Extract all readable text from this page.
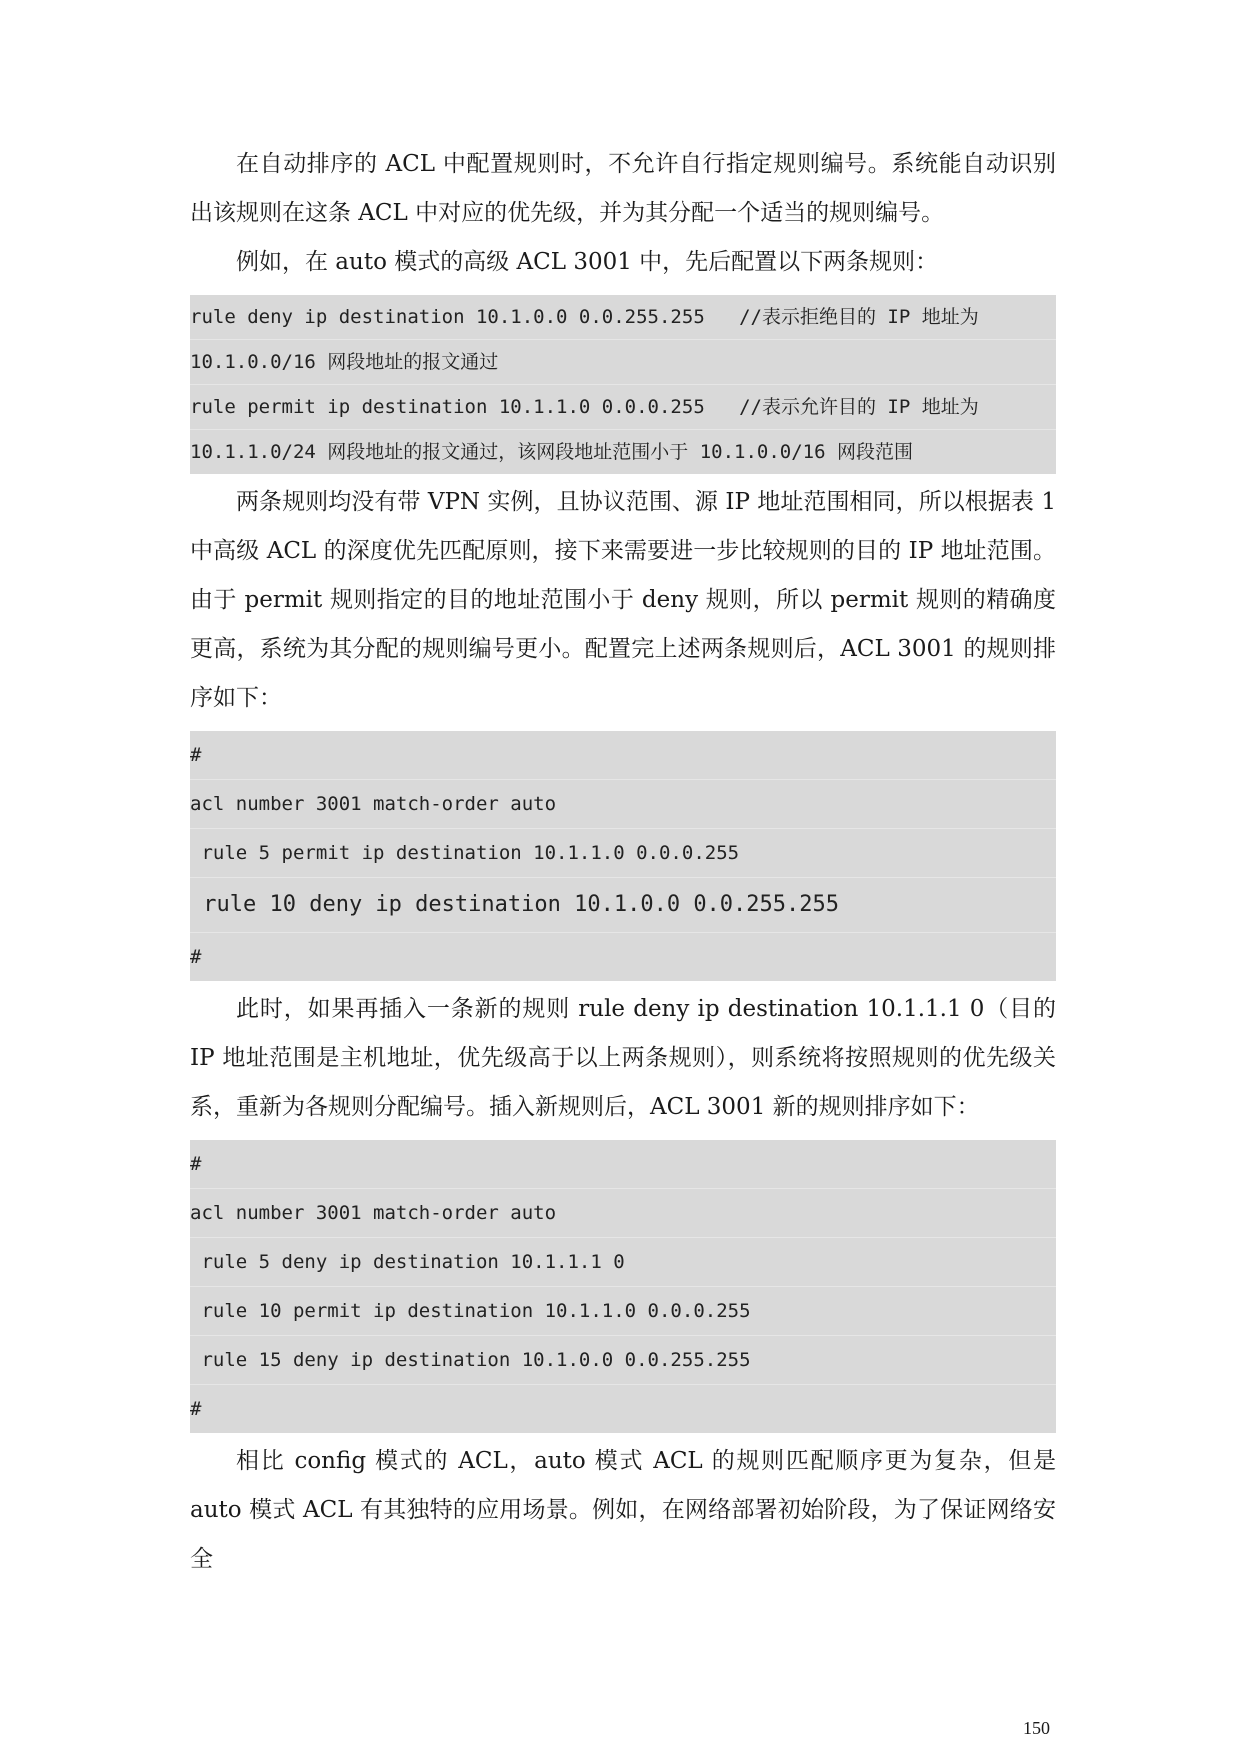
在自动排序的 ACL 中配置规则时，不允许自行指定规则编号。系统能自动识别出该规则在这条 ACL 中对应的优先级，并为其分配一个适当的规则编号。

例如，在 auto 模式的高级 ACL 3001 中，先后配置以下两条规则：

rule deny ip destination 10.1.0.0 0.0.255.255   //表示拒绝目的 IP 地址为
10.1.0.0/16 网段地址的报文通过
rule permit ip destination 10.1.1.0 0.0.0.255   //表示允许目的 IP 地址为
10.1.1.0/24 网段地址的报文通过，该网段地址范围小于 10.1.0.0/16 网段范围

两条规则均没有带 VPN 实例，且协议范围、源 IP 地址范围相同，所以根据表 1 中高级 ACL 的深度优先匹配原则，接下来需要进一步比较规则的目的 IP 地址范围。由于 permit 规则指定的目的地址范围小于 deny 规则，所以 permit 规则的精确度更高，系统为其分配的规则编号更小。配置完上述两条规则后，ACL 3001 的规则排序如下：

#
acl number 3001 match-order auto
rule 5 permit ip destination 10.1.1.0 0.0.0.255
rule 10 deny ip destination 10.1.0.0 0.0.255.255
#

此时，如果再插入一条新的规则 rule deny ip destination 10.1.1.1 0（目的 IP 地址范围是主机地址，优先级高于以上两条规则），则系统将按照规则的优先级关系，重新为各规则分配编号。插入新规则后，ACL 3001 新的规则排序如下：

#
acl number 3001 match-order auto
rule 5 deny ip destination 10.1.1.1 0
rule 10 permit ip destination 10.1.1.0 0.0.0.255
rule 15 deny ip destination 10.1.0.0 0.0.255.255
#

相比 config 模式的 ACL，auto 模式 ACL 的规则匹配顺序更为复杂，但是 auto 模式 ACL 有其独特的应用场景。例如，在网络部署初始阶段，为了保证网络安全

150
